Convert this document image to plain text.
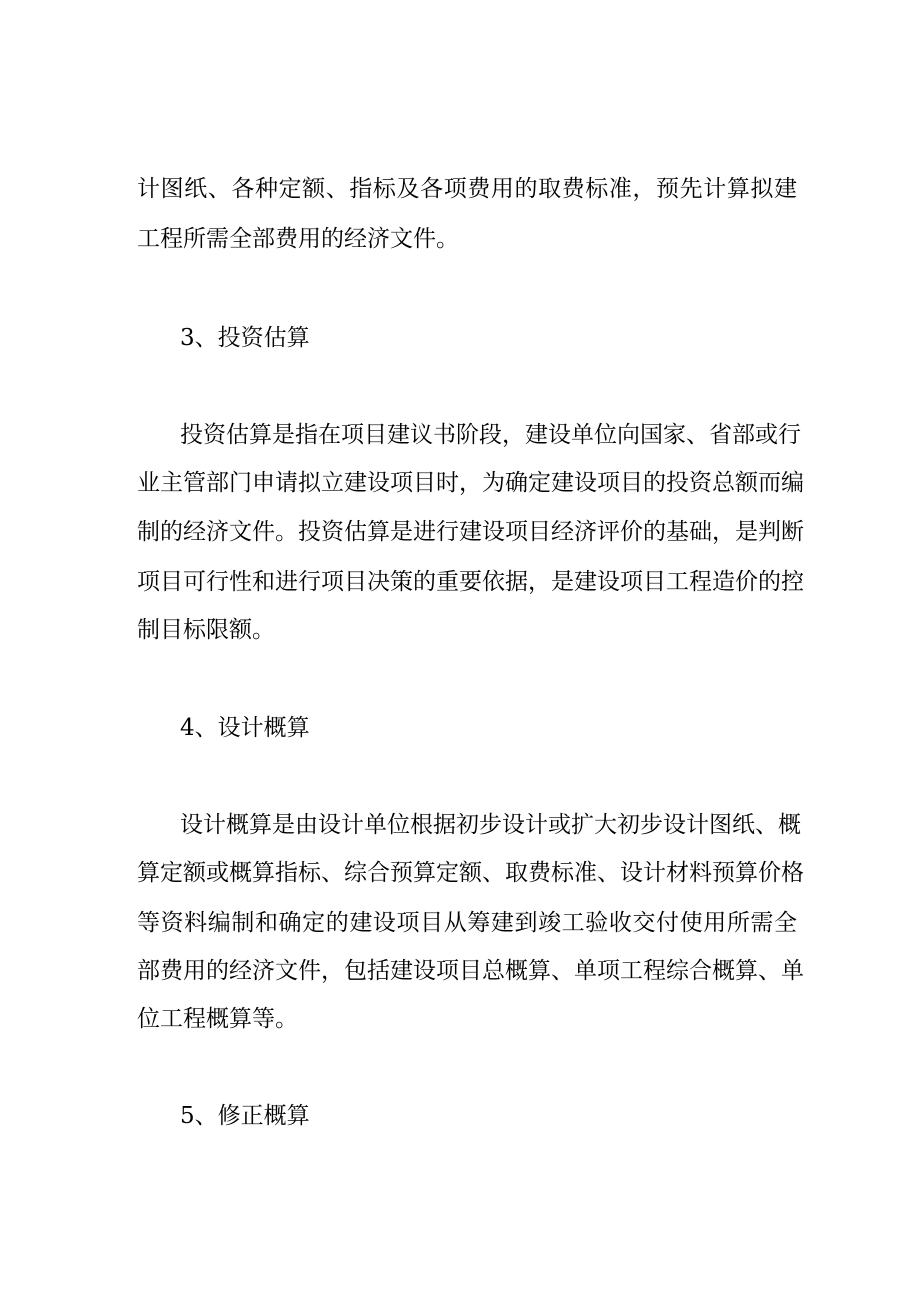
计图纸、各种定额、指标及各项费用的取费标准，预先计算拟建
工程所需全部费用的经济文件。
3、投资估算
投资估算是指在项目建议书阶段，建设单位向国家、省部或行
业主管部门申请拟立建设项目时，为确定建设项目的投资总额而编
制的经济文件。投资估算是进行建设项目经济评价的基础，是判断
项目可行性和进行项目决策的重要依据，是建设项目工程造价的控
制目标限额。
4、设计概算
设计概算是由设计单位根据初步设计或扩大初步设计图纸、概
算定额或概算指标、综合预算定额、取费标准、设计材料预算价格
等资料编制和确定的建设项目从筹建到竣工验收交付使用所需全
部费用的经济文件，包括建设项目总概算、单项工程综合概算、单
位工程概算等。
5、修正概算
